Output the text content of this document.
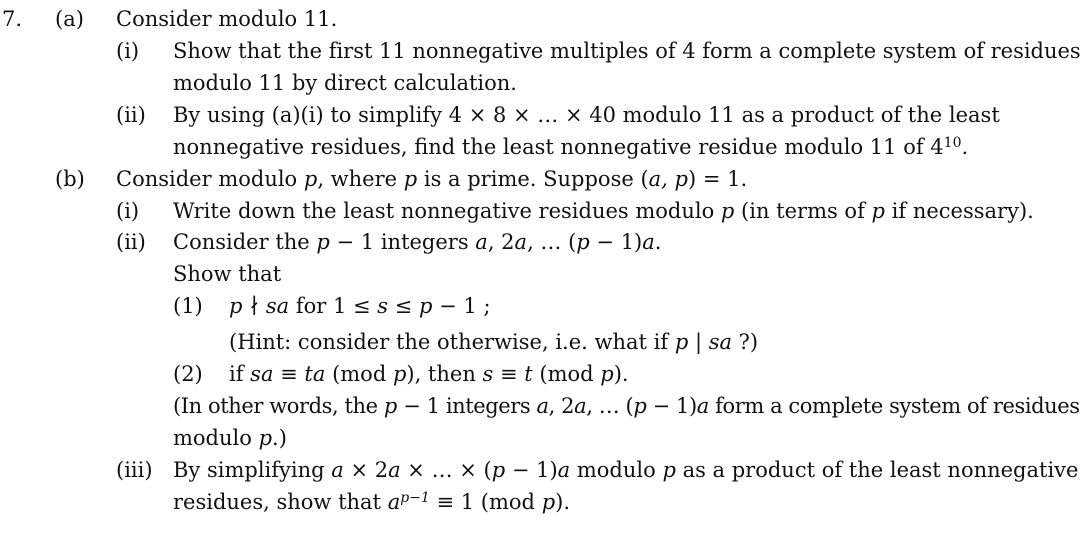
7. (a) Consider modulo 11.
(i) Show that the first 11 nonnegative multiples of 4 form a complete system of residues
modulo 11 by direct calculation.
(ii) By using (a)(i) to simplify 4 × 8 × … × 40 modulo 11 as a product of the least
nonnegative residues, find the least nonnegative residue modulo 11 of $4^{10}$.
(b) Consider modulo p, where p is a prime. Suppose (a, p) = 1.
(i) Write down the least nonnegative residues modulo p (in terms of p if necessary).
(ii) Consider the p − 1 integers a, 2a, … (p − 1)a.
Show that
(1) p ∤ sa for 1 ≤ s ≤ p − 1 ;
(Hint: consider the otherwise, i.e. what if p | sa ?)
(2) if sa ≡ ta (mod p), then s ≡ t (mod p).
(In other words, the p − 1 integers a, 2a, … (p − 1)a form a complete system of residues
modulo p.)
(iii) By simplifying a × 2a × … × (p − 1)a modulo p as a product of the least nonnegative
residues, show that $a^{p-1} \equiv 1$ (mod p).
